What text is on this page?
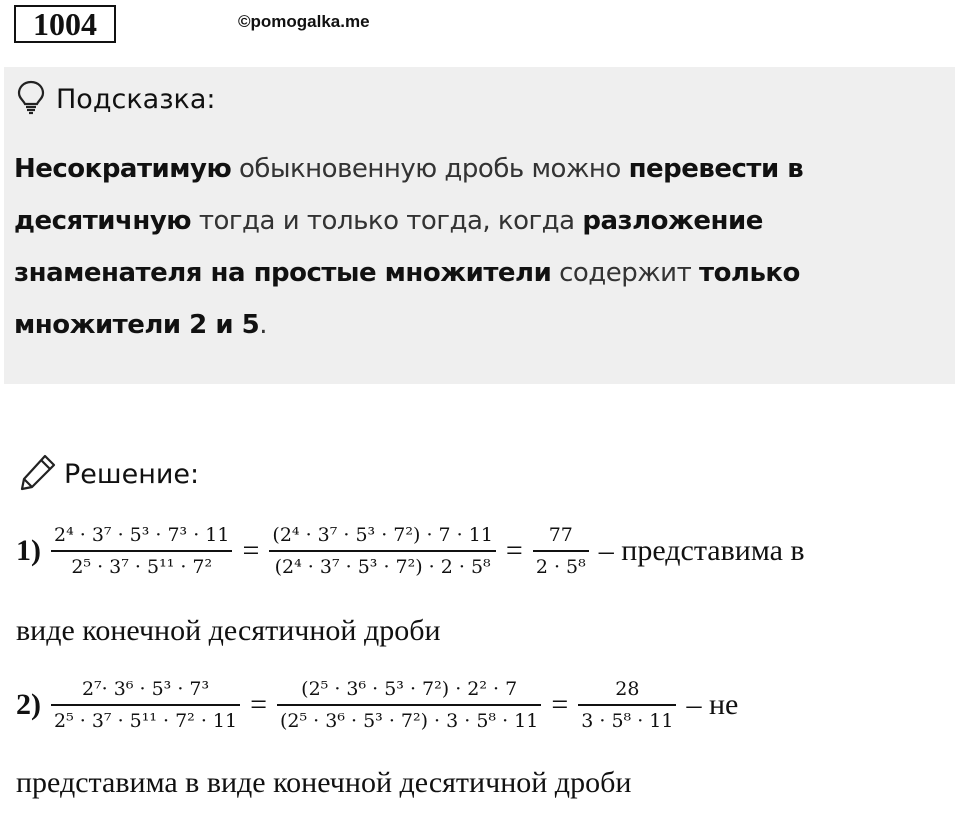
1004	©pomogalka.me
Подсказка:
Несократимую обыкновенную дробь можно перевести в десятичную тогда и только тогда, когда разложение знаменателя на простые множители содержит только множители 2 и 5.
Решение:
$1) \frac{\text{2⁴ · 3⁷ · 5³ · 7³ · 11}}{\text{2⁵ · 3⁷ · 5¹¹ · 7²}} = \frac{\text{(2⁴ · 3⁷ · 5³ · 7²) · 7 · 11}}{\text{(2⁴ · 3⁷ · 5³ · 7²) · 2 · 5⁸}} = \frac{77}{\text{2 · 5⁸}}$ – представима в
виде конечной десятичной дроби
$2) \frac{\text{2⁷· 3⁶ · 5³ · 7³}}{\text{2⁵ · 3⁷ · 5¹¹ · 7² · 11}} = \frac{\text{(2⁵ · 3⁶ · 5³ · 7²) · 2² · 7}}{\text{(2⁵ · 3⁶ · 5³ · 7²) · 3 · 5⁸ · 11}} = \frac{28}{\text{3 · 5⁸ · 11}}$ – не
представима в виде конечной десятичной дроби
